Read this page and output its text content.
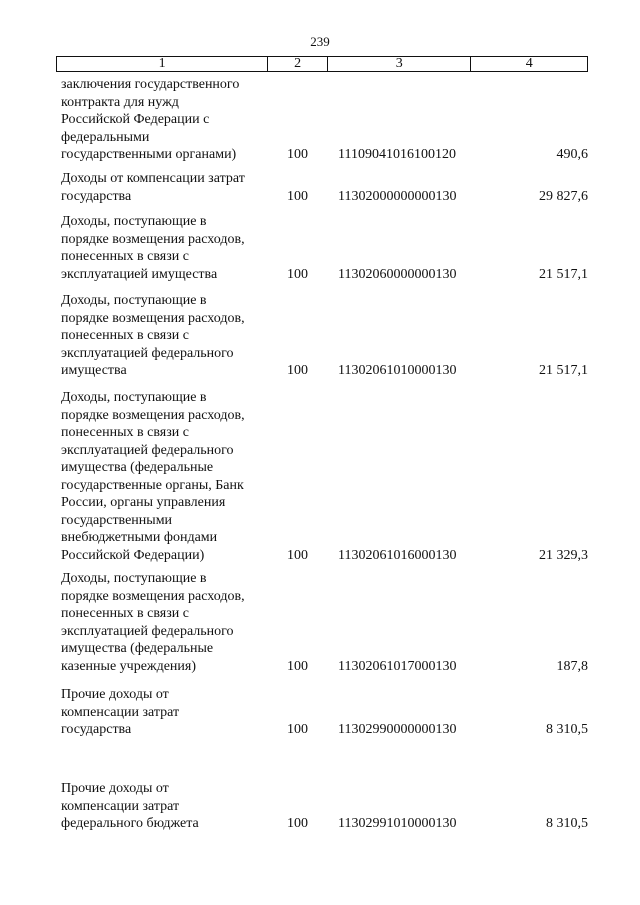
239
1	2	3	4
заключения государственного
контракта для нужд
Российской Федерации с
федеральными
государственными органами)	100 11109041016100120	490,6
Доходы от компенсации затрат
государства	100 11302000000000130	29 827,6
Доходы, поступающие в
порядке возмещения расходов,
понесенных в связи с
эксплуатацией имущества	100 11302060000000130	21 517,1
Доходы, поступающие в
порядке возмещения расходов,
понесенных в связи с
эксплуатацией федерального
имущества	100 11302061010000130	21 517,1
Доходы, поступающие в
порядке возмещения расходов,
понесенных в связи с
эксплуатацией федерального
имущества (федеральные
государственные органы, Банк
России, органы управления
государственными
внебюджетными фондами
Российской Федерации)	100 11302061016000130	21 329,3
Доходы, поступающие в
порядке возмещения расходов,
понесенных в связи с
эксплуатацией федерального
имущества (федеральные
казенные учреждения)	100 11302061017000130	187,8
Прочие доходы от
компенсации затрат
государства	100 11302990000000130	8 310,5
Прочие доходы от
компенсации затрат
федерального бюджета	100 11302991010000130	8 310,5
